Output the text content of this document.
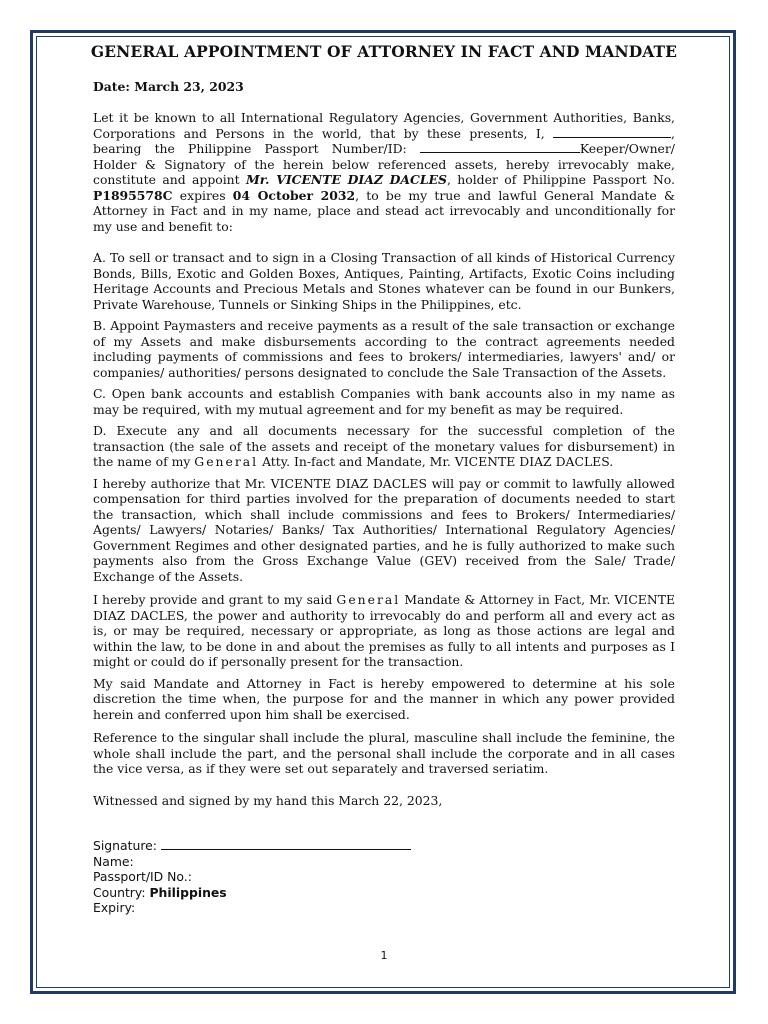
GENERAL APPOINTMENT OF ATTORNEY IN FACT AND MANDATE
Date: March 23, 2023

Let it be known to all International Regulatory Agencies, Government Authorities, Banks, Corporations and Persons in the world, that by these presents, I,	, bearing the Philippine Passport Number/ID:	Keeper/Owner/ Holder & Signatory of the herein below referenced assets, hereby irrevocably make, constitute and appoint Mr. VICENTE DIAZ DACLES, holder of Philippine Passport No. P1895578C expires 04 October 2032, to be my true and lawful General Mandate & Attorney in Fact and in my name, place and stead act irrevocably and unconditionally for my use and benefit to:

A. To sell or transact and to sign in a Closing Transaction of all kinds of Historical Currency Bonds, Bills, Exotic and Golden Boxes, Antiques, Painting, Artifacts, Exotic Coins including Heritage Accounts and Precious Metals and Stones whatever can be found in our Bunkers, Private Warehouse, Tunnels or Sinking Ships in the Philippines, etc.

B. Appoint Paymasters and receive payments as a result of the sale transaction or exchange of my Assets and make disbursements according to the contract agreements needed including payments of commissions and fees to brokers/ intermediaries, lawyers' and/ or companies/ authorities/ persons designated to conclude the Sale Transaction of the Assets.

C. Open bank accounts and establish Companies with bank accounts also in my name as may be required, with my mutual agreement and for my benefit as may be required.

D. Execute any and all documents necessary for the successful completion of the transaction (the sale of the assets and receipt of the monetary values for disbursement) in the name of my General Atty. In-fact and Mandate, Mr. VICENTE DIAZ DACLES.

I hereby authorize that Mr. VICENTE DIAZ DACLES will pay or commit to lawfully allowed compensation for third parties involved for the preparation of documents needed to start the transaction, which shall include commissions and fees to Brokers/ Intermediaries/ Agents/ Lawyers/ Notaries/ Banks/ Tax Authorities/ International Regulatory Agencies/ Government Regimes and other designated parties, and he is fully authorized to make such payments also from the Gross Exchange Value (GEV) received from the Sale/ Trade/ Exchange of the Assets.

I hereby provide and grant to my said General Mandate & Attorney in Fact, Mr. VICENTE DIAZ DACLES, the power and authority to irrevocably do and perform all and every act as is, or may be required, necessary or appropriate, as long as those actions are legal and within the law, to be done in and about the premises as fully to all intents and purposes as I might or could do if personally present for the transaction.

My said Mandate and Attorney in Fact is hereby empowered to determine at his sole discretion the time when, the purpose for and the manner in which any power provided herein and conferred upon him shall be exercised.

Reference to the singular shall include the plural, masculine shall include the feminine, the whole shall include the part, and the personal shall include the corporate and in all cases the vice versa, as if they were set out separately and traversed seriatim.

Witnessed and signed by my hand this March 22, 2023,

Signature:
Name:
Passport/ID No.:
Country: Philippines
Expiry:
1
